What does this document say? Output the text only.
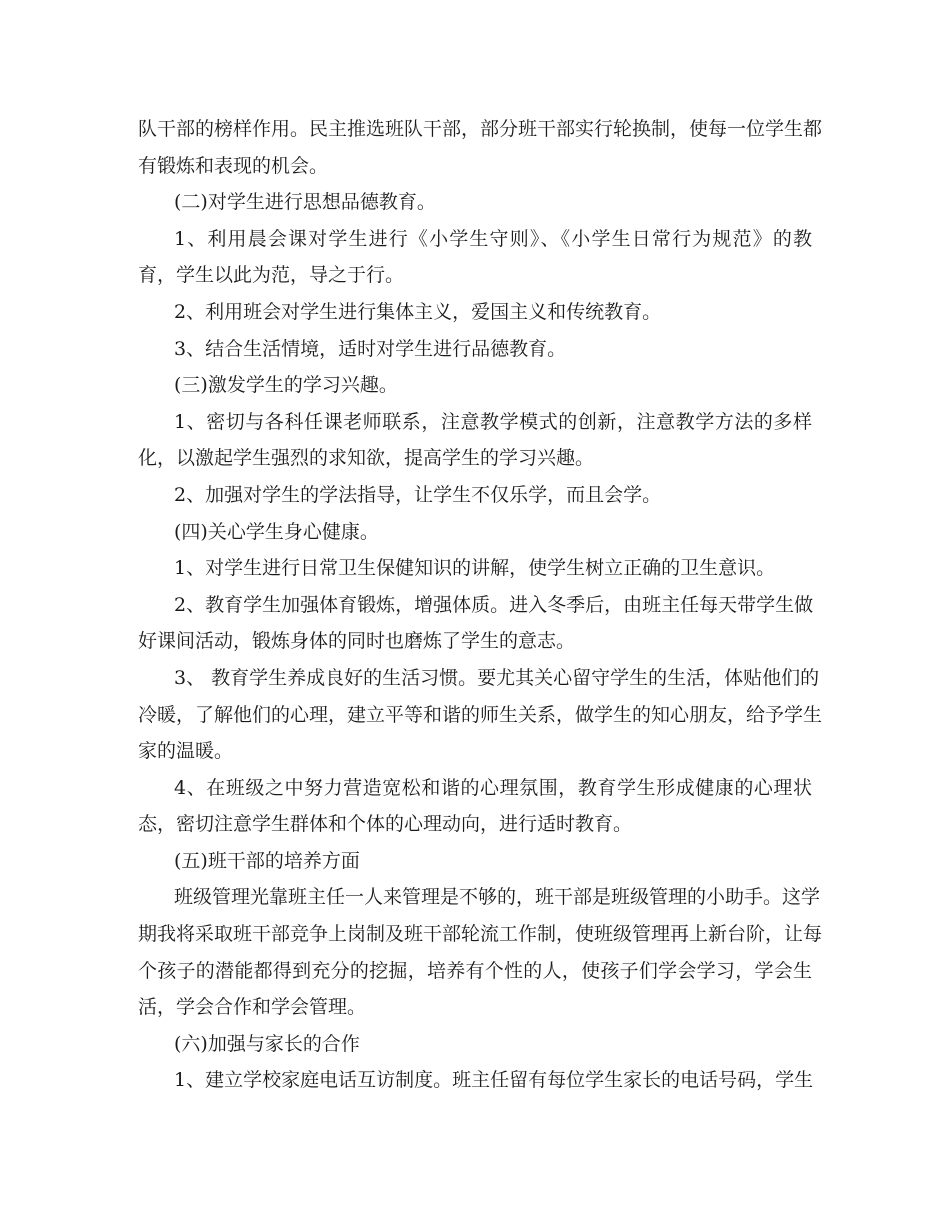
队干部的榜样作用。民主推选班队干部，部分班干部实行轮换制，使每一位学生都
有锻炼和表现的机会。
(二)对学生进行思想品德教育。
1、利用晨会课对学生进行《小学生守则》、《小学生日常行为规范》的教
育，学生以此为范，导之于行。
2、利用班会对学生进行集体主义，爱国主义和传统教育。
3、结合生活情境，适时对学生进行品德教育。
(三)激发学生的学习兴趣。
1、密切与各科任课老师联系，注意教学模式的创新，注意教学方法的多样
化，以激起学生强烈的求知欲，提高学生的学习兴趣。
2、加强对学生的学法指导，让学生不仅乐学，而且会学。
(四)关心学生身心健康。
1、对学生进行日常卫生保健知识的讲解，使学生树立正确的卫生意识。
2、教育学生加强体育锻炼，增强体质。进入冬季后，由班主任每天带学生做
好课间活动，锻炼身体的同时也磨炼了学生的意志。
3、 教育学生养成良好的生活习惯。要尤其关心留守学生的生活，体贴他们的
冷暖，了解他们的心理，建立平等和谐的师生关系，做学生的知心朋友，给予学生
家的温暖。
4、在班级之中努力营造宽松和谐的心理氛围，教育学生形成健康的心理状
态，密切注意学生群体和个体的心理动向，进行适时教育。
(五)班干部的培养方面
班级管理光靠班主任一人来管理是不够的，班干部是班级管理的小助手。这学
期我将采取班干部竞争上岗制及班干部轮流工作制，使班级管理再上新台阶，让每
个孩子的潜能都得到充分的挖掘，培养有个性的人，使孩子们学会学习，学会生
活，学会合作和学会管理。
(六)加强与家长的合作
1、建立学校家庭电话互访制度。班主任留有每位学生家长的电话号码，学生
